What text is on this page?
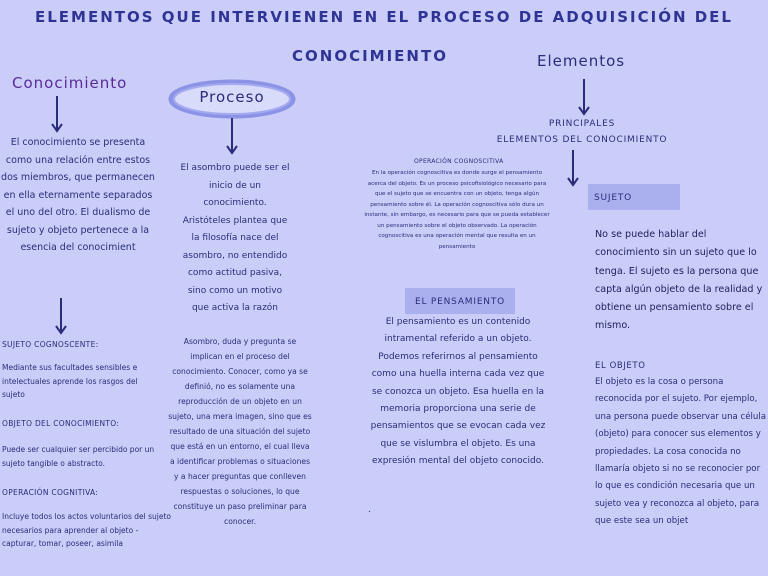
ELEMENTOS QUE INTERVIENEN EN EL PROCESO DE ADQUISICIÓN DEL
CONOCIMIENTO
Conocimiento
El conocimiento se presenta como una relación entre estos dos miembros, que permanecen en ella eternamente separados el uno del otro. El dualismo de sujeto y objeto pertenece a la esencia del conocimient
SUJETO COGNOSCENTE:
Mediante sus facultades sensibles e intelectuales aprende los rasgos del sujeto
OBJETO DEL CONOCIMIENTO:
Puede ser cualquier ser percibido por un sujeto tangible o abstracto.
OPERACIÓN COGNITIVA:
Incluye todos los actos voluntarios del sujeto necesarios para aprender al objeto -capturar, tomar, poseer, asimila
Proceso
El asombro puede ser el inicio de un conocimiento. Aristóteles plantea que la filosofía nace del asombro, no entendido como actitud pasiva, sino como un motivo que activa la razón
Asombro, duda y pregunta se implican en el proceso del conocimiento. Conocer, como ya se definió, no es solamente una reproducción de un objeto en un sujeto, una mera imagen, sino que es resultado de una situación del sujeto que está en un entorno, el cual lleva a identificar problemas o situaciones y a hacer preguntas que conlleven respuestas o soluciones, lo que constituye un paso preliminar para conocer.
OPERACIÓN COGNOSCITIVA
En la operación cognoscitiva es donde surge el pensamiento acerca del objeto. Es un proceso psicofisiológico necesario para que el sujeto que se encuentra con un objeto, tenga algún pensamiento sobre él. La operación cognoscitiva sólo dura un instante, sin embargo, es necesario para que se pueda establecer un pensamiento sobre el objeto observado. La operación cognoscitiva es una operación mental que resulta en un pensamiento
EL PENSAMIENTO
El pensamiento es un contenido intramental referido a un objeto. Podemos referirnos al pensamiento como una huella interna cada vez que se conozca un objeto. Esa huella en la memoria proporciona una serie de pensamientos que se evocan cada vez que se vislumbra el objeto. Es una expresión mental del objeto conocido.
.
Elementos
PRINCIPALES
ELEMENTOS DEL CONOCIMIENTO
SUJETO
No se puede hablar del conocimiento sin un sujeto que lo tenga. El sujeto es la persona que capta algún objeto de la realidad y obtiene un pensamiento sobre el mismo.
EL OBJETO
El objeto es la cosa o persona reconocida por el sujeto. Por ejemplo, una persona puede observar una célula (objeto) para conocer sus elementos y propiedades. La cosa conocida no llamaría objeto si no se reconocier por lo que es condición necesaria que un sujeto vea y reconozca al objeto, para que este sea un objet
